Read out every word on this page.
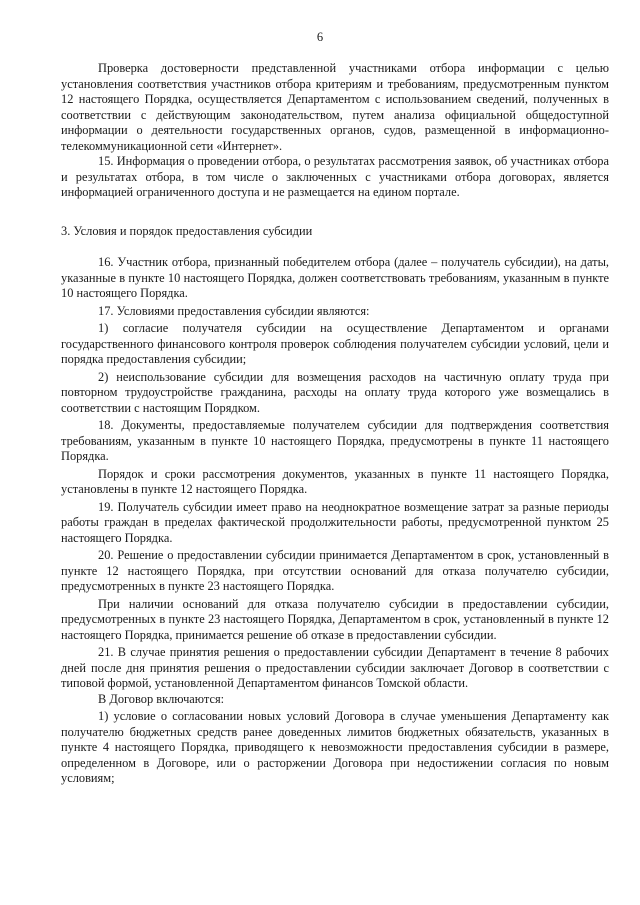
6

Проверка достоверности представленной участниками отбора информации с целью установления соответствия участников отбора критериям и требованиям, предусмотренным пунктом 12 настоящего Порядка, осуществляется Департаментом с использованием сведений, полученных в соответствии с действующим законодательством, путем анализа официальной общедоступной информации о деятельности государственных органов, судов, размещенной в информационно-телекоммуникационной сети «Интернет».

15. Информация о проведении отбора, о результатах рассмотрения заявок, об участниках отбора и результатах отбора, в том числе о заключенных с участниками отбора договорах, является информацией ограниченного доступа и не размещается на едином портале.

3. Условия и порядок предоставления субсидии

16. Участник отбора, признанный победителем отбора (далее – получатель субсидии), на даты, указанные в пункте 10 настоящего Порядка, должен соответствовать требованиям, указанным в пункте 10 настоящего Порядка.

17. Условиями предоставления субсидии являются:

1) согласие получателя субсидии на осуществление Департаментом и органами государственного финансового контроля проверок соблюдения получателем субсидии условий, цели и порядка предоставления субсидии;

2) неиспользование субсидии для возмещения расходов на частичную оплату труда при повторном трудоустройстве гражданина, расходы на оплату труда которого уже возмещались в соответствии с настоящим Порядком.

18. Документы, предоставляемые получателем субсидии для подтверждения соответствия требованиям, указанным в пункте 10 настоящего Порядка, предусмотрены в пункте 11 настоящего Порядка.

Порядок и сроки рассмотрения документов, указанных в пункте 11 настоящего Порядка, установлены в пункте 12 настоящего Порядка.

19. Получатель субсидии имеет право на неоднократное возмещение затрат за разные периоды работы граждан в пределах фактической продолжительности работы, предусмотренной пунктом 25 настоящего Порядка.

20. Решение о предоставлении субсидии принимается Департаментом в срок, установленный в пункте 12 настоящего Порядка, при отсутствии оснований для отказа получателю субсидии, предусмотренных в пункте 23 настоящего Порядка.

При наличии оснований для отказа получателю субсидии в предоставлении субсидии, предусмотренных в пункте 23 настоящего Порядка, Департаментом в срок, установленный в пункте 12 настоящего Порядка, принимается решение об отказе в предоставлении субсидии.

21. В случае принятия решения о предоставлении субсидии Департамент в течение 8 рабочих дней после дня принятия решения о предоставлении субсидии заключает Договор в соответствии с типовой формой, установленной Департаментом финансов Томской области.

В Договор включаются:

1) условие о согласовании новых условий Договора в случае уменьшения Департаменту как получателю бюджетных средств ранее доведенных лимитов бюджетных обязательств, указанных в пункте 4 настоящего Порядка, приводящего к невозможности предоставления субсидии в размере, определенном в Договоре, или о расторжении Договора при недостижении согласия по новым условиям;
